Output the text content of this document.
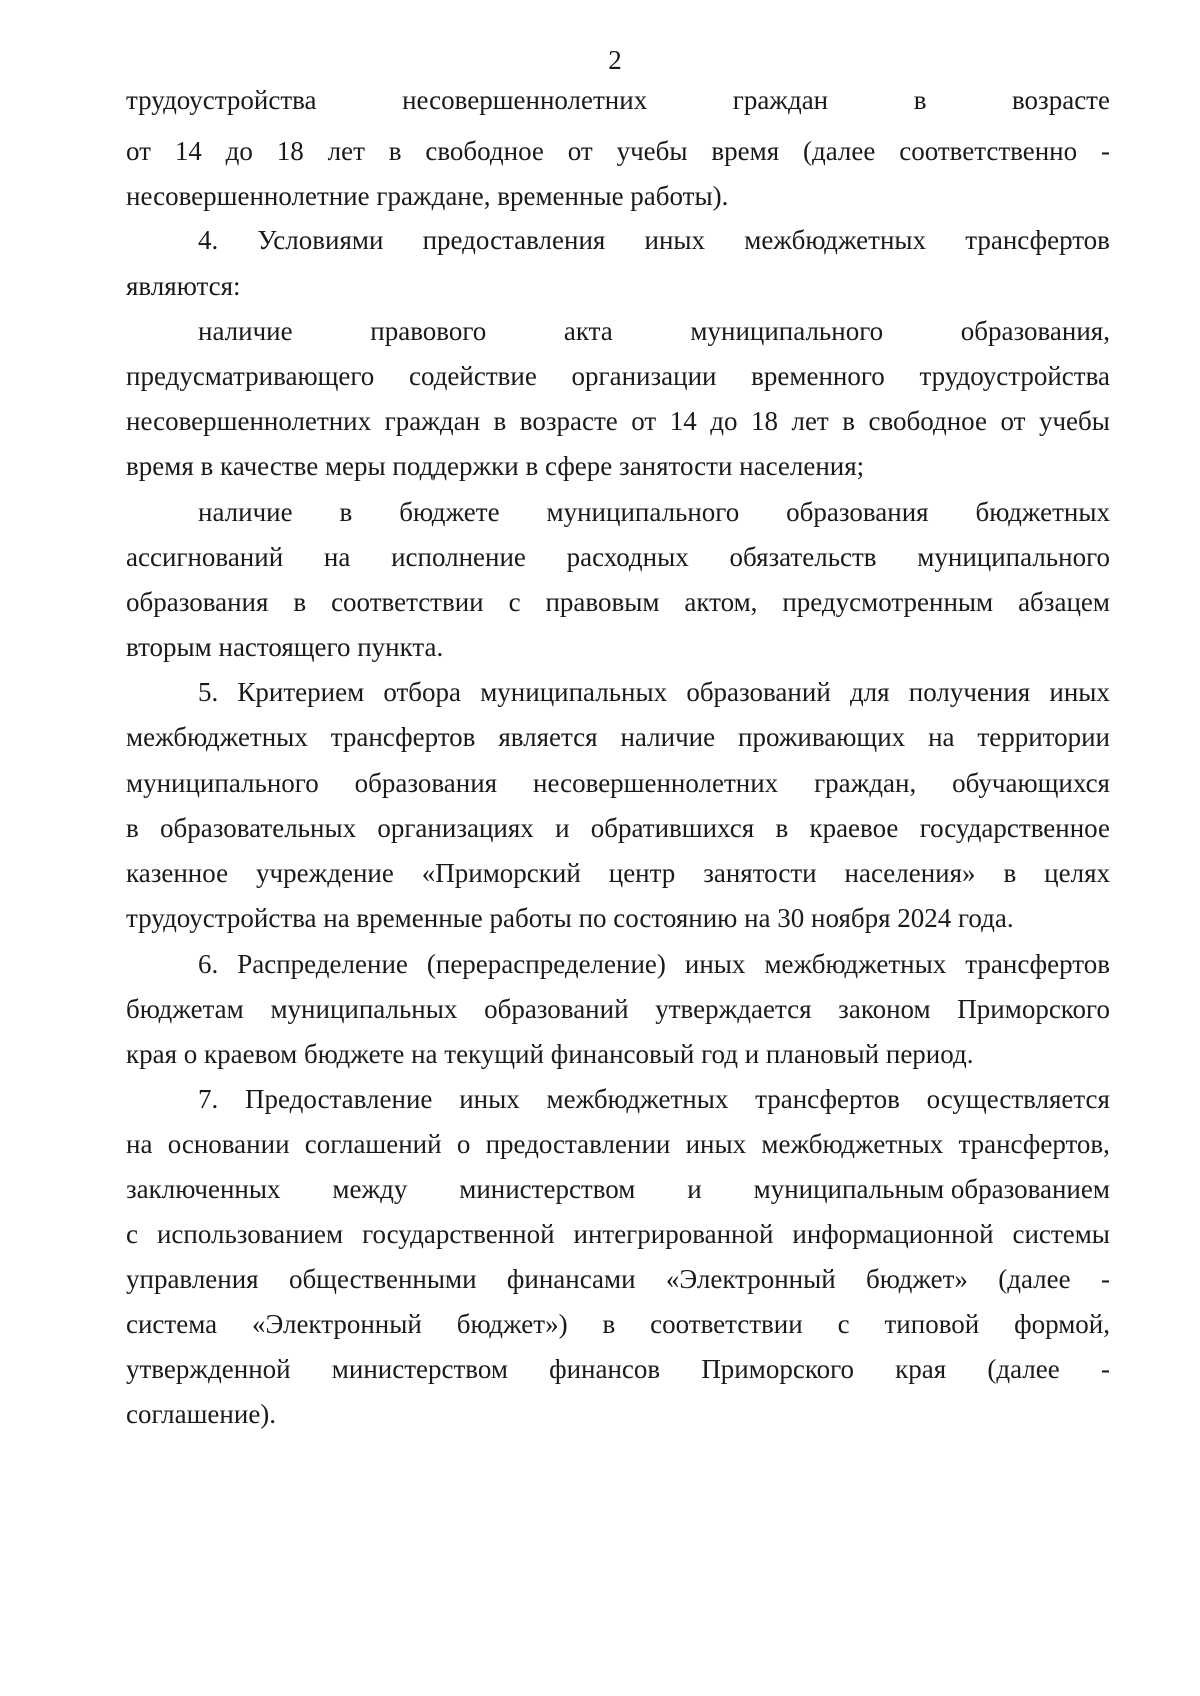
2
трудоустройства	несовершеннолетних	граждан	в	возрасте
от 14 до 18 лет в свободное от учебы время (далее соответственно -
несовершеннолетние граждане, временные работы).
4. Условиями предоставления иных межбюджетных трансфертов
являются:
наличие	правового	акта	муниципального	образования,
предусматривающего содействие организации временного трудоустройства
несовершеннолетних граждан в возрасте от 14 до 18 лет в свободное от учебы
время в качестве меры поддержки в сфере занятости населения;
наличие в бюджете муниципального образования бюджетных
ассигнований на исполнение расходных обязательств муниципального
образования в соответствии с правовым актом, предусмотренным абзацем
вторым настоящего пункта.
5. Критерием отбора муниципальных образований для получения иных
межбюджетных трансфертов является наличие проживающих на территории
муниципального образования несовершеннолетних граждан, обучающихся
в образовательных организациях и обратившихся в краевое государственное
казенное учреждение «Приморский центр занятости населения» в целях
трудоустройства на временные работы по состоянию на 30 ноября 2024 года.
6. Распределение (перераспределение) иных межбюджетных трансфертов
бюджетам муниципальных образований утверждается законом Приморского
края о краевом бюджете на текущий финансовый год и плановый период.
7. Предоставление иных межбюджетных трансфертов осуществляется
на основании соглашений о предоставлении иных межбюджетных трансфертов,
заключенных между министерством и муниципальным образованием
с использованием государственной интегрированной информационной системы
управления общественными финансами «Электронный бюджет» (далее -
система «Электронный бюджет») в соответствии с типовой формой,
утвержденной министерством финансов Приморского края (далее -
соглашение).
